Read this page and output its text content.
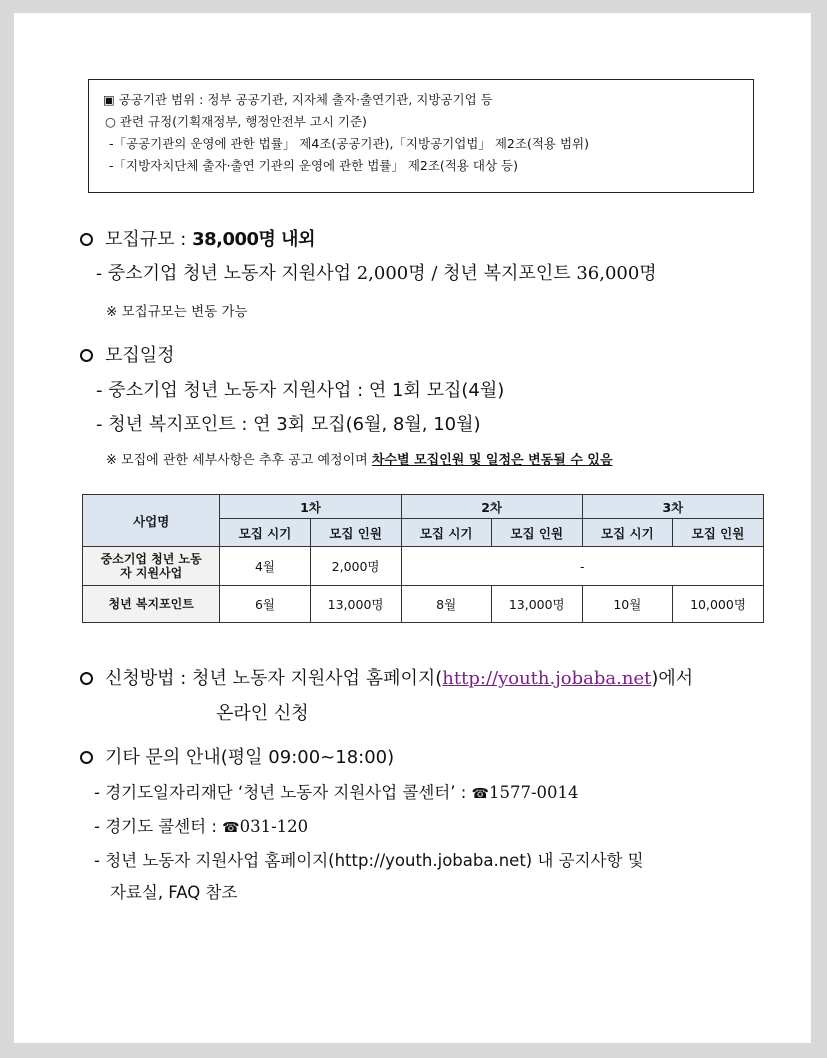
▣ 공공기관 범위 : 정부 공공기관, 지자체 출자·출연기관, 지방공기업 등
○ 관련 규정(기획재정부, 행정안전부 고시 기준)
-「공공기관의 운영에 관한 법률」 제4조(공공기관),「지방공기업법」 제2조(적용 범위)
-「지방자치단체 출자·출연 기관의 운영에 관한 법률」 제2조(적용 대상 등)
모집규모 : 38,000명 내외
- 중소기업 청년 노동자 지원사업 2,000명 / 청년 복지포인트 36,000명
※ 모집규모는 변동 가능
모집일정
- 중소기업 청년 노동자 지원사업 : 연 1회 모집(4월)
- 청년 복지포인트 : 연 3회 모집(6월, 8월, 10월)
※ 모집에 관한 세부사항은 추후 공고 예정이며 차수별 모집인원 및 일정은 변동될 수 있음
사업명	1차		2차		3차	
	모집 시기	모집 인원	모집 시기	모집 인원	모집 시기	모집 인원

중소기업 청년 노동자 지원사업	4월	2,000명	-			
청년 복지포인트	6월	13,000명	8월	13,000명	10월	10,000명
신청방법 : 청년 노동자 지원사업 홈페이지(http://youth.jobaba.net)에서
온라인 신청
기타 문의 안내(평일 09:00~18:00)
- 경기도일자리재단 ‘청년 노동자 지원사업 콜센터’ : ☎1577-0014
- 경기도 콜센터 : ☎031-120
- 청년 노동자 지원사업 홈페이지(http://youth.jobaba.net) 내 공지사항 및
자료실, FAQ 참조
